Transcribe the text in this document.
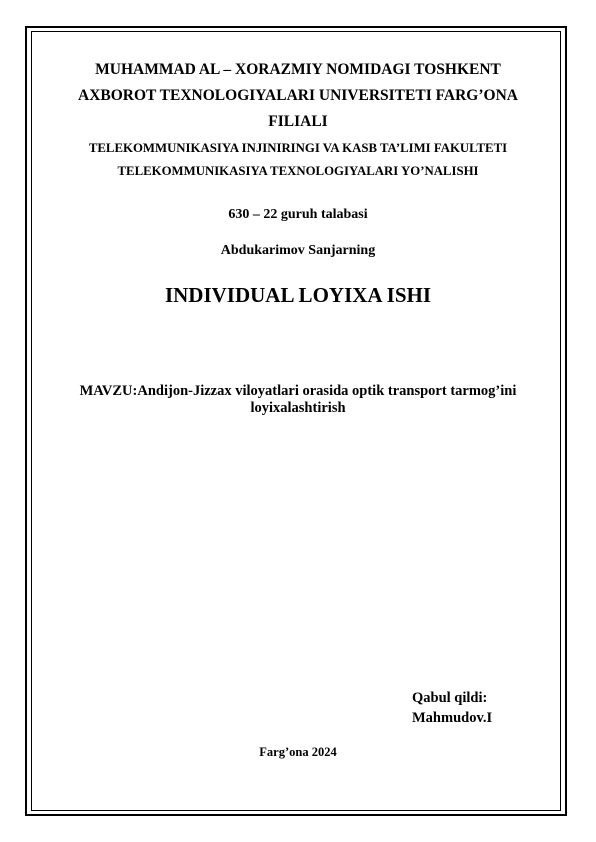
MUHAMMAD AL – XORAZMIY NOMIDAGI TOSHKENT
AXBOROT TEXNOLOGIYALARI UNIVERSITETI FARG’ONA
FILIALI
TELEKOMMUNIKASIYA INJINIRINGI VA KASB TA’LIMI FAKULTETI
TELEKOMMUNIKASIYA TEXNOLOGIYALARI YO’NALISHI
630 – 22 guruh talabasi
Abdukarimov Sanjarning
INDIVIDUAL LOYIXA ISHI
MAVZU:Andijon-Jizzax viloyatlari orasida optik transport tarmog’ini
loyixalashtirish
Qabul qildi:
Mahmudov.I
Farg’ona 2024
